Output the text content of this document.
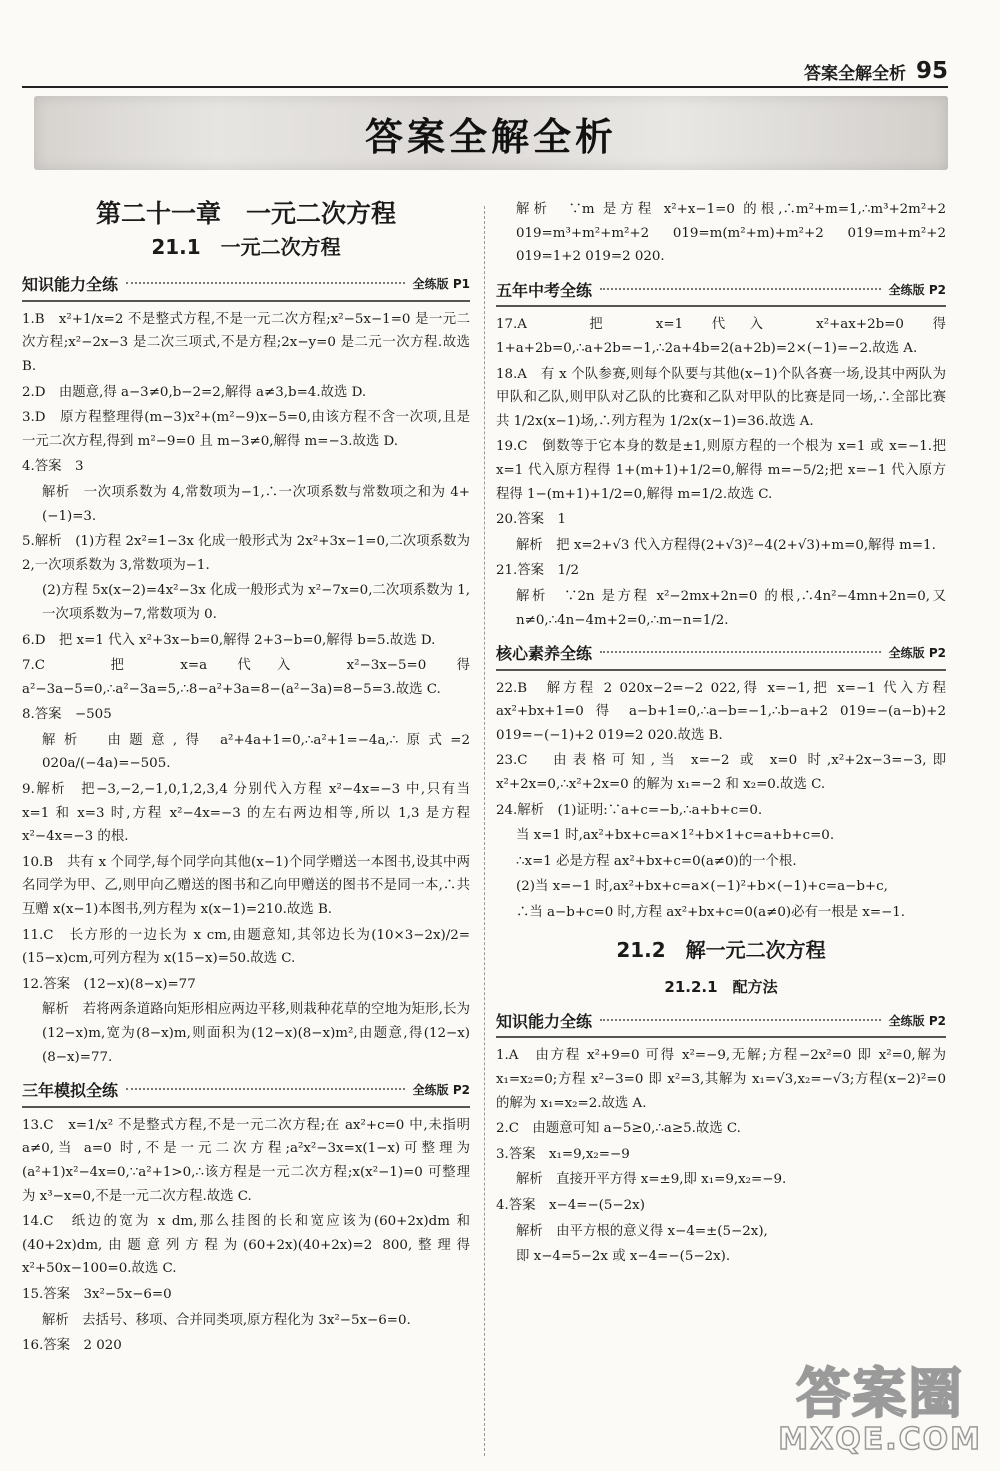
答案全解全析 95
答案全解全析
第二十一章　一元二次方程
21.1　一元二次方程
知识能力全练	全练版 P1
1.B　x²+1/x=2 不是整式方程,不是一元二次方程;x²−5x−1=0 是一元二次方程;x²−2x−3 是二次三项式,不是方程;2x−y=0 是二元一次方程.故选 B.
2.D　由题意,得 a−3≠0,b−2=2,解得 a≠3,b=4.故选 D.
3.D　原方程整理得(m−3)x²+(m²−9)x−5=0,由该方程不含一次项,且是一元二次方程,得到 m²−9=0 且 m−3≠0,解得 m=−3.故选 D.
4.答案　3
解析　一次项系数为 4,常数项为−1,∴一次项系数与常数项之和为 4+(−1)=3.
5.解析　(1)方程 2x²=1−3x 化成一般形式为 2x²+3x−1=0,二次项系数为 2,一次项系数为 3,常数项为−1.
(2)方程 5x(x−2)=4x²−3x 化成一般形式为 x²−7x=0,二次项系数为 1,一次项系数为−7,常数项为 0.
6.D　把 x=1 代入 x²+3x−b=0,解得 2+3−b=0,解得 b=5.故选 D.
7.C　把 x=a 代入 x²−3x−5=0 得 a²−3a−5=0,∴a²−3a=5,∴8−a²+3a=8−(a²−3a)=8−5=3.故选 C.
8.答案　−505
解析　由题意,得 a²+4a+1=0,∴a²+1=−4a,∴原式=2 020a/(−4a)=−505.
9.解析　把−3,−2,−1,0,1,2,3,4 分别代入方程 x²−4x=−3 中,只有当 x=1 和 x=3 时,方程 x²−4x=−3 的左右两边相等,所以 1,3 是方程 x²−4x=−3 的根.
10.B　共有 x 个同学,每个同学向其他(x−1)个同学赠送一本图书,设其中两名同学为甲、乙,则甲向乙赠送的图书和乙向甲赠送的图书不是同一本,∴共互赠 x(x−1)本图书,列方程为 x(x−1)=210.故选 B.
11.C　长方形的一边长为 x cm,由题意知,其邻边长为(10×3−2x)/2=(15−x)cm,可列方程为 x(15−x)=50.故选 C.
12.答案　(12−x)(8−x)=77
解析　若将两条道路向矩形相应两边平移,则栽种花草的空地为矩形,长为(12−x)m,宽为(8−x)m,则面积为(12−x)(8−x)m²,由题意,得(12−x)(8−x)=77.
三年模拟全练	全练版 P2
13.C　x=1/x² 不是整式方程,不是一元二次方程;在 ax²+c=0 中,未指明 a≠0,当 a=0 时,不是一元二次方程;a²x²−3x=x(1−x)可整理为(a²+1)x²−4x=0,∵a²+1>0,∴该方程是一元二次方程;x(x²−1)=0 可整理为 x³−x=0,不是一元二次方程.故选 C.
14.C　纸边的宽为 x dm,那么挂图的长和宽应该为(60+2x)dm 和(40+2x)dm,由题意列方程为(60+2x)(40+2x)=2 800,整理得 x²+50x−100=0.故选 C.
15.答案　3x²−5x−6=0
解析　去括号、移项、合并同类项,原方程化为 3x²−5x−6=0.
16.答案　2 020
解析　∵m 是方程 x²+x−1=0 的根,∴m²+m=1,∴m³+2m²+2 019=m³+m²+m²+2 019=m(m²+m)+m²+2 019=m+m²+2 019=1+2 019=2 020.
五年中考全练	全练版 P2
17.A　把 x=1 代入 x²+ax+2b=0 得 1+a+2b=0,∴a+2b=−1,∴2a+4b=2(a+2b)=2×(−1)=−2.故选 A.
18.A　有 x 个队参赛,则每个队要与其他(x−1)个队各赛一场,设其中两队为甲队和乙队,则甲队对乙队的比赛和乙队对甲队的比赛是同一场,∴全部比赛共 1/2x(x−1)场,∴列方程为 1/2x(x−1)=36.故选 A.
19.C　倒数等于它本身的数是±1,则原方程的一个根为 x=1 或 x=−1.把 x=1 代入原方程得 1+(m+1)+1/2=0,解得 m=−5/2;把 x=−1 代入原方程得 1−(m+1)+1/2=0,解得 m=1/2.故选 C.
20.答案　1
解析　把 x=2+√3 代入方程得(2+√3)²−4(2+√3)+m=0,解得 m=1.
21.答案　1/2
解析　∵2n 是方程 x²−2mx+2n=0 的根,∴4n²−4mn+2n=0,又 n≠0,∴4n−4m+2=0,∴m−n=1/2.
核心素养全练	全练版 P2
22.B　解方程 2 020x−2=−2 022,得 x=−1,把 x=−1 代入方程 ax²+bx+1=0 得 a−b+1=0,∴a−b=−1,∴b−a+2 019=−(a−b)+2 019=−(−1)+2 019=2 020.故选 B.
23.C　由表格可知,当 x=−2 或 x=0 时,x²+2x−3=−3,即 x²+2x=0,∴x²+2x=0 的解为 x₁=−2 和 x₂=0.故选 C.
24.解析　(1)证明:∵a+c=−b,∴a+b+c=0.
当 x=1 时,ax²+bx+c=a×1²+b×1+c=a+b+c=0.
∴x=1 必是方程 ax²+bx+c=0(a≠0)的一个根.
(2)当 x=−1 时,ax²+bx+c=a×(−1)²+b×(−1)+c=a−b+c,
∴当 a−b+c=0 时,方程 ax²+bx+c=0(a≠0)必有一根是 x=−1.
21.2　解一元二次方程
21.2.1　配方法
知识能力全练	全练版 P2
1.A　由方程 x²+9=0 可得 x²=−9,无解;方程−2x²=0 即 x²=0,解为 x₁=x₂=0;方程 x²−3=0 即 x²=3,其解为 x₁=√3,x₂=−√3;方程(x−2)²=0 的解为 x₁=x₂=2.故选 A.
2.C　由题意可知 a−5≥0,∴a≥5.故选 C.
3.答案　x₁=9,x₂=−9
解析　直接开平方得 x=±9,即 x₁=9,x₂=−9.
4.答案　x−4=−(5−2x)
解析　由平方根的意义得 x−4=±(5−2x),
即 x−4=5−2x 或 x−4=−(5−2x).
答案圈
MXQE.COM
